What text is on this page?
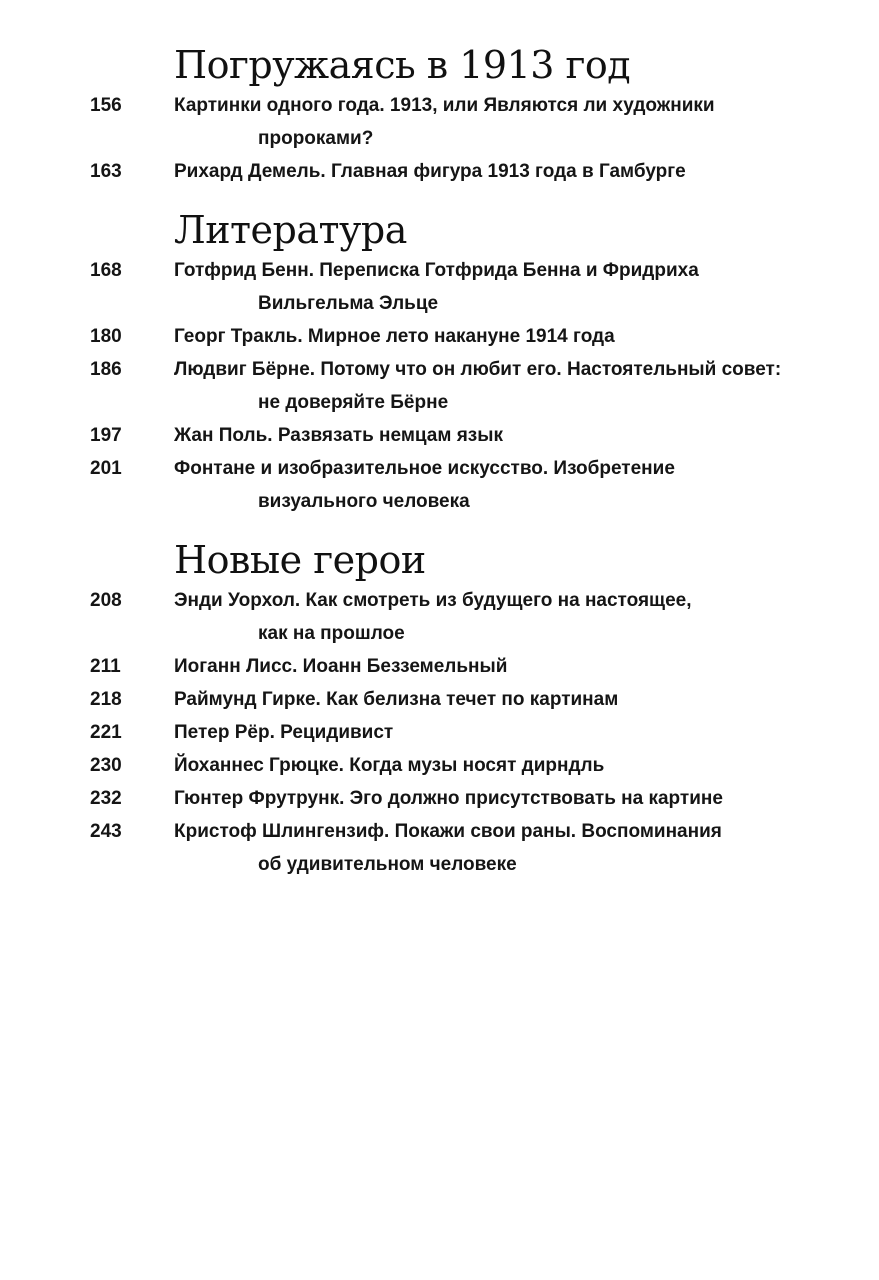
Погружаясь в 1913 год
156	Картинки одного года. 1913, или Являются ли художники
пророками?
163	Рихард Демель. Главная фигура 1913 года в Гамбурге
Литература
168	Готфрид Бенн. Переписка Готфрида Бенна и Фридриха
Вильгельма Эльце
180	Георг Тракль. Мирное лето накануне 1914 года
186	Людвиг Бёрне. Потому что он любит его. Настоятельный совет:
не доверяйте Бёрне
197	Жан Поль. Развязать немцам язык
201	Фонтане и изобразительное искусство. Изобретение
визуального человека
Новые герои
208	Энди Уорхол. Как смотреть из будущего на настоящее,
как на прошлое
211	Иоганн Лисс. Иоанн Безземельный
218	Раймунд Гирке. Как белизна течет по картинам
221	Петер Рёр. Рецидивист
230	Йоханнес Грюцке. Когда музы носят дирндль
232	Гюнтер Фрутрунк. Эго должно присутствовать на картине
243	Кристоф Шлингензиф. Покажи свои раны. Воспоминания
об удивительном человеке
